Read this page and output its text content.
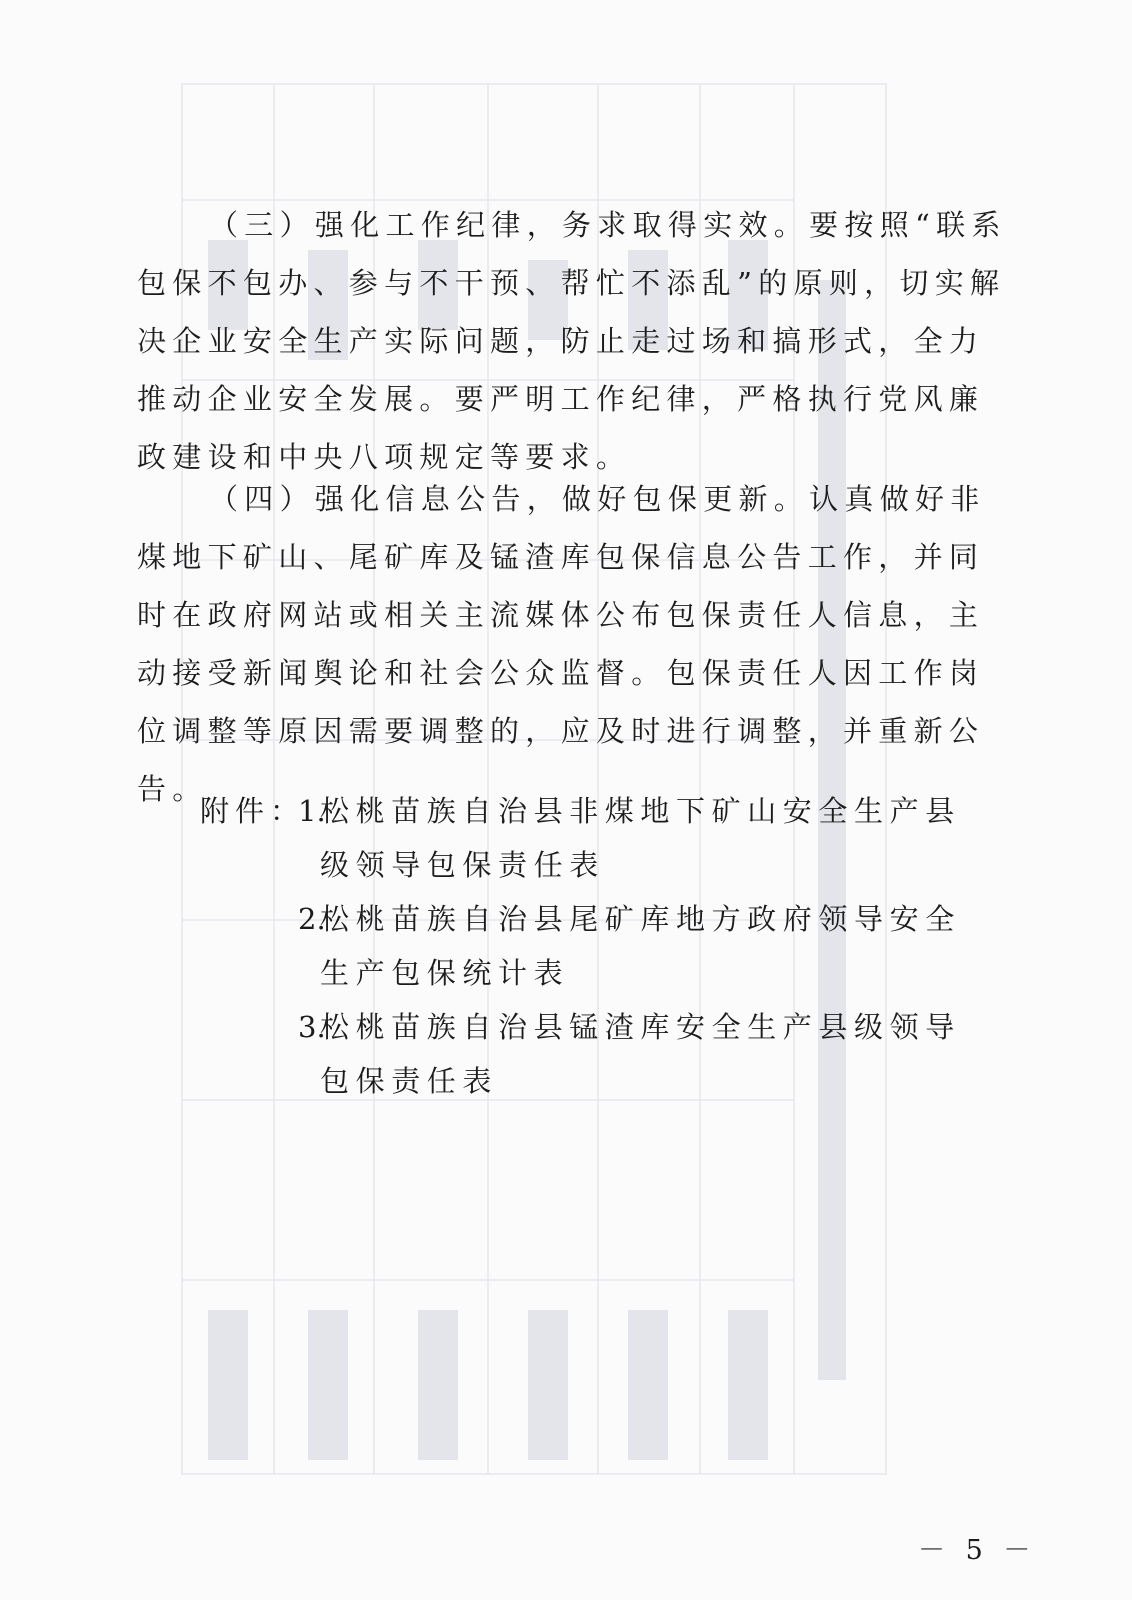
（三）强化工作纪律，务求取得实效。要按照“联系包保不包办、参与不干预、帮忙不添乱”的原则，切实解决企业安全生产实际问题，防止走过场和搞形式，全力推动企业安全发展。要严明工作纪律，严格执行党风廉政建设和中央八项规定等要求。

（四）强化信息公告，做好包保更新。认真做好非煤地下矿山、尾矿库及锰渣库包保信息公告工作，并同时在政府网站或相关主流媒体公布包保责任人信息，主动接受新闻舆论和社会公众监督。包保责任人因工作岗位调整等原因需要调整的，应及时进行调整，并重新公告。

附件：
1.
松桃苗族自治县非煤地下矿山安全生产县级领导包保责任表
2.
松桃苗族自治县尾矿库地方政府领导安全生产包保统计表
3.
松桃苗族自治县锰渣库安全生产县级领导包保责任表
－ 5 －
